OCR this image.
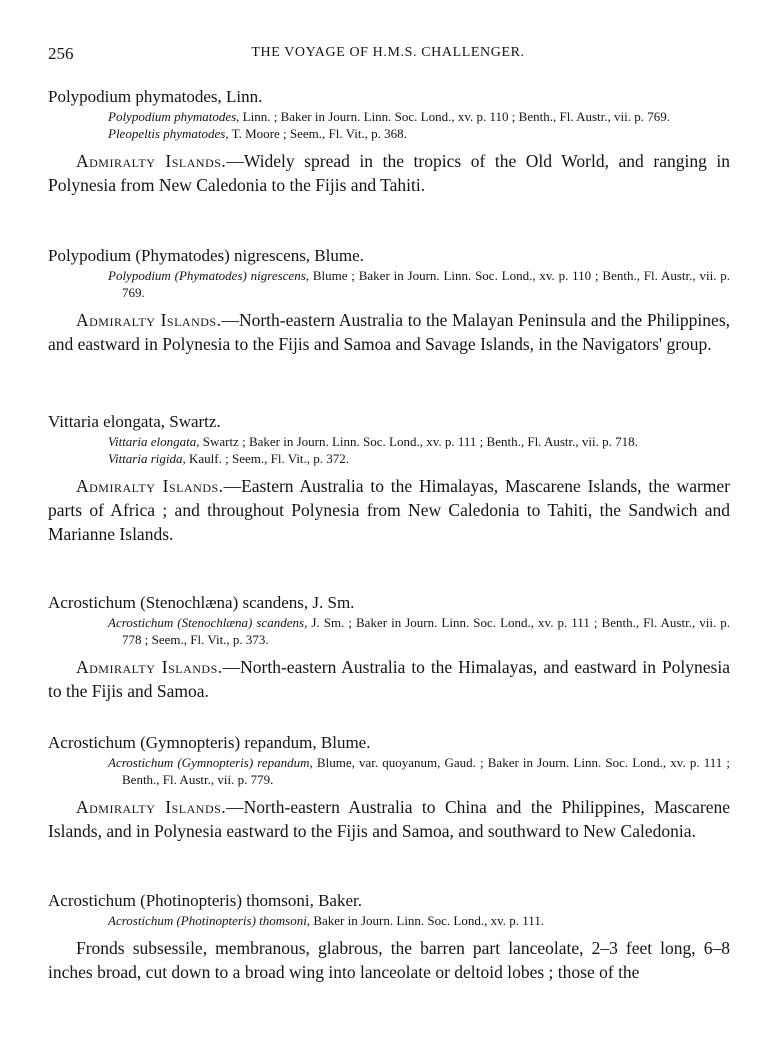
256	THE VOYAGE OF H.M.S. CHALLENGER.
Polypodium phymatodes, Linn.
Polypodium phymatodes, Linn. ; Baker in Journ. Linn. Soc. Lond., xv. p. 110 ; Benth., Fl. Austr., vii. p. 769.
Pleopeltis phymatodes, T. Moore ; Seem., Fl. Vit., p. 368.
Admiralty Islands.—Widely spread in the tropics of the Old World, and ranging in Polynesia from New Caledonia to the Fijis and Tahiti.
Polypodium (Phymatodes) nigrescens, Blume.
Polypodium (Phymatodes) nigrescens, Blume ; Baker in Journ. Linn. Soc. Lond., xv. p. 110 ; Benth., Fl. Austr., vii. p. 769.
Admiralty Islands.—North-eastern Australia to the Malayan Peninsula and the Philippines, and eastward in Polynesia to the Fijis and Samoa and Savage Islands, in the Navigators' group.
Vittaria elongata, Swartz.
Vittaria elongata, Swartz ; Baker in Journ. Linn. Soc. Lond., xv. p. 111 ; Benth., Fl. Austr., vii. p. 718.
Vittaria rigida, Kaulf. ; Seem., Fl. Vit., p. 372.
Admiralty Islands.—Eastern Australia to the Himalayas, Mascarene Islands, the warmer parts of Africa ; and throughout Polynesia from New Caledonia to Tahiti, the Sandwich and Marianne Islands.
Acrostichum (Stenochlæna) scandens, J. Sm.
Acrostichum (Stenochlæna) scandens, J. Sm. ; Baker in Journ. Linn. Soc. Lond., xv. p. 111 ; Benth., Fl. Austr., vii. p. 778 ; Seem., Fl. Vit., p. 373.
Admiralty Islands.—North-eastern Australia to the Himalayas, and eastward in Polynesia to the Fijis and Samoa.
Acrostichum (Gymnopteris) repandum, Blume.
Acrostichum (Gymnopteris) repandum, Blume, var. quoyanum, Gaud. ; Baker in Journ. Linn. Soc. Lond., xv. p. 111 ; Benth., Fl. Austr., vii. p. 779.
Admiralty Islands.—North-eastern Australia to China and the Philippines, Mascarene Islands, and in Polynesia eastward to the Fijis and Samoa, and southward to New Caledonia.
Acrostichum (Photinopteris) thomsoni, Baker.
Acrostichum (Photinopteris) thomsoni, Baker in Journ. Linn. Soc. Lond., xv. p. 111.
Fronds subsessile, membranous, glabrous, the barren part lanceolate, 2–3 feet long, 6–8 inches broad, cut down to a broad wing into lanceolate or deltoid lobes ; those of the
